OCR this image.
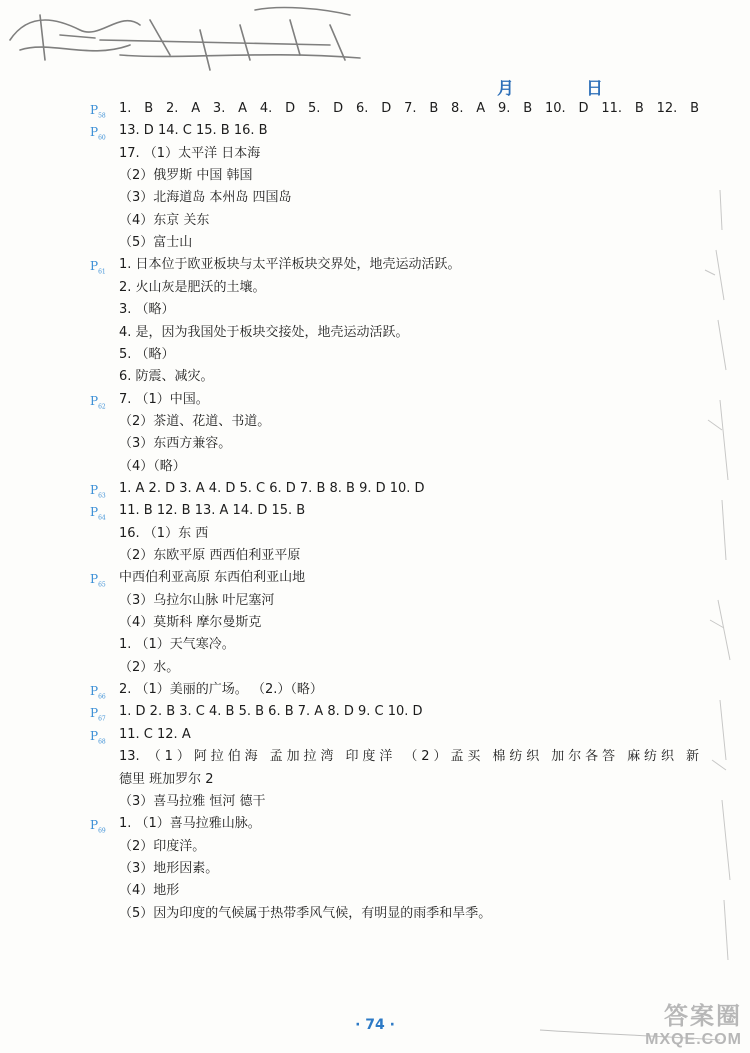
月	日
$P_{58}$ 1. B 2. A 3. A 4. D 5. D 6. D 7. B 8. A 9. B 10. D 11. B 12. B
$P_{60}$ 13. D 14. C 15. B 16. B
17. （1）太平洋 日本海
（2）俄罗斯 中国 韩国
（3）北海道岛 本州岛 四国岛
（4）东京 关东
（5）富士山
$P_{61}$ 1. 日本位于欧亚板块与太平洋板块交界处，地壳运动活跃。
2. 火山灰是肥沃的土壤。
3. （略）
4. 是，因为我国处于板块交接处，地壳运动活跃。
5. （略）
6. 防震、减灾。
$P_{62}$ 7. （1）中国。
（2）茶道、花道、书道。
（3）东西方兼容。
（4）（略）
$P_{63}$ 1. A 2. D 3. A 4. D 5. C 6. D 7. B 8. B 9. D 10. D
$P_{64}$ 11. B 12. B 13. A 14. D 15. B
16. （1）东 西
（2）东欧平原 西西伯利亚平原
$P_{65}$ 中西伯利亚高原 东西伯利亚山地
（3）乌拉尔山脉 叶尼塞河
（4）莫斯科 摩尔曼斯克
1. （1）天气寒冷。
（2）水。
$P_{66}$ 2. （1）美丽的广场。 （2.）（略）
$P_{67}$ 1. D 2. B 3. C 4. B 5. B 6. B 7. A 8. D 9. C 10. D
$P_{68}$ 11. C 12. A
13. （1）阿拉伯海 孟加拉湾 印度洋 （2）孟买 棉纺织 加尔各答 麻纺织 新
德里 班加罗尔 2
（3）喜马拉雅 恒河 德干
$P_{69}$ 1. （1）喜马拉雅山脉。
（2）印度洋。
（3）地形因素。
（4）地形
（5）因为印度的气候属于热带季风气候，有明显的雨季和旱季。
· 74 ·	答案圈
MXQE.COM
